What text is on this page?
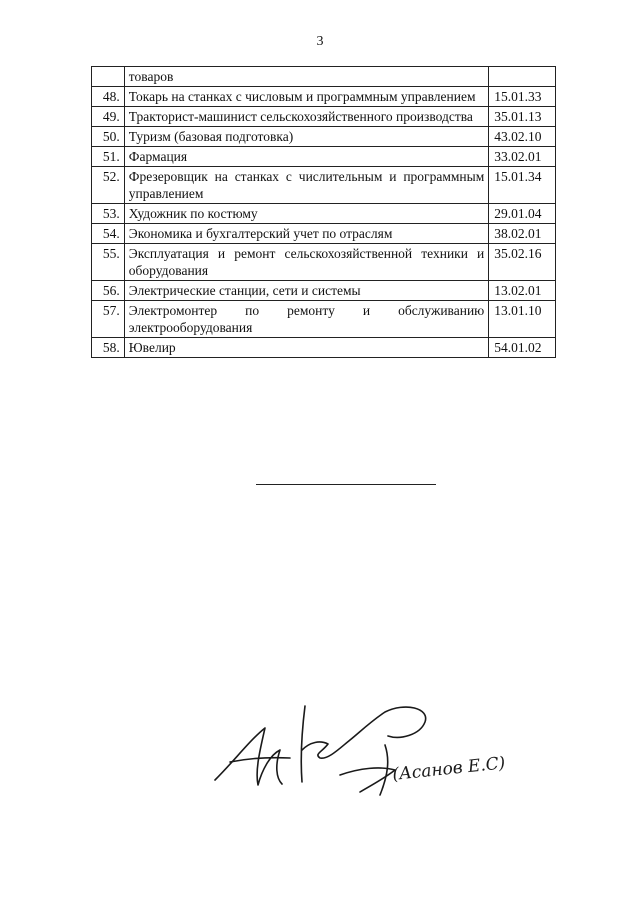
3
	товаров	
48.	Токарь на станках с числовым и программным управлением	15.01.33
49.	Тракторист-машинист сельскохозяйственного производства	35.01.13
50.	Туризм (базовая подготовка)	43.02.10
51.	Фармация	33.02.01
52.	Фрезеровщик на станках с числительным и программным управлением	15.01.34
53.	Художник по костюму	29.01.04
54.	Экономика и бухгалтерский учет по отраслям	38.02.01
55.	Эксплуатация и ремонт сельскохозяйственной техники и оборудования	35.02.16
56.	Электрические станции, сети и системы	13.02.01
57.	Электромонтер по ремонту и обслуживанию электрооборудования	13.01.10
58.	Ювелир	54.01.02
(Асанов Е.С)
